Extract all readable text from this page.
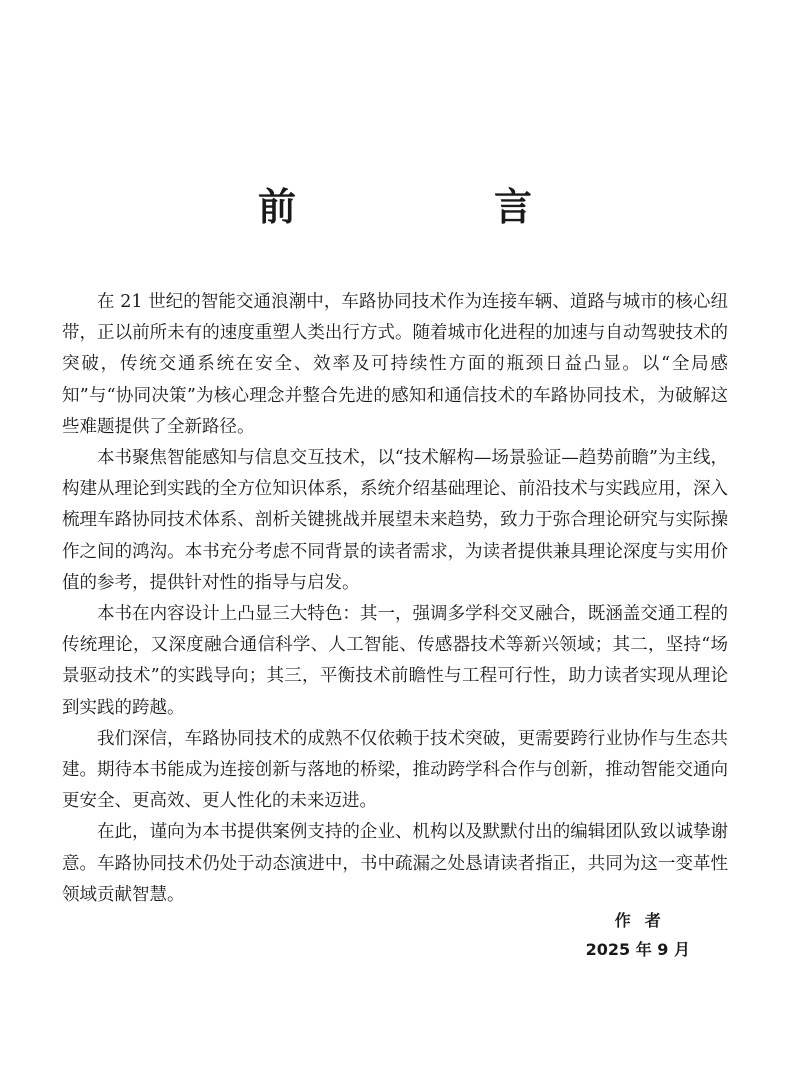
前　言

在 21 世纪的智能交通浪潮中，车路协同技术作为连接车辆、道路与城市的核心纽带，正以前所未有的速度重塑人类出行方式。随着城市化进程的加速与自动驾驶技术的突破，传统交通系统在安全、效率及可持续性方面的瓶颈日益凸显。以“全局感知”与“协同决策”为核心理念并整合先进的感知和通信技术的车路协同技术，为破解这些难题提供了全新路径。

本书聚焦智能感知与信息交互技术，以“技术解构—场景验证—趋势前瞻”为主线，构建从理论到实践的全方位知识体系，系统介绍基础理论、前沿技术与实践应用，深入梳理车路协同技术体系、剖析关键挑战并展望未来趋势，致力于弥合理论研究与实际操作之间的鸿沟。本书充分考虑不同背景的读者需求，为读者提供兼具理论深度与实用价值的参考，提供针对性的指导与启发。

本书在内容设计上凸显三大特色：其一，强调多学科交叉融合，既涵盖交通工程的传统理论，又深度融合通信科学、人工智能、传感器技术等新兴领域；其二，坚持“场景驱动技术”的实践导向；其三，平衡技术前瞻性与工程可行性，助力读者实现从理论到实践的跨越。

我们深信，车路协同技术的成熟不仅依赖于技术突破，更需要跨行业协作与生态共建。期待本书能成为连接创新与落地的桥梁，推动跨学科合作与创新，推动智能交通向更安全、更高效、更人性化的未来迈进。

在此，谨向为本书提供案例支持的企业、机构以及默默付出的编辑团队致以诚挚谢意。车路协同技术仍处于动态演进中，书中疏漏之处恳请读者指正，共同为这一变革性领域贡献智慧。

作者
2025 年 9 月
